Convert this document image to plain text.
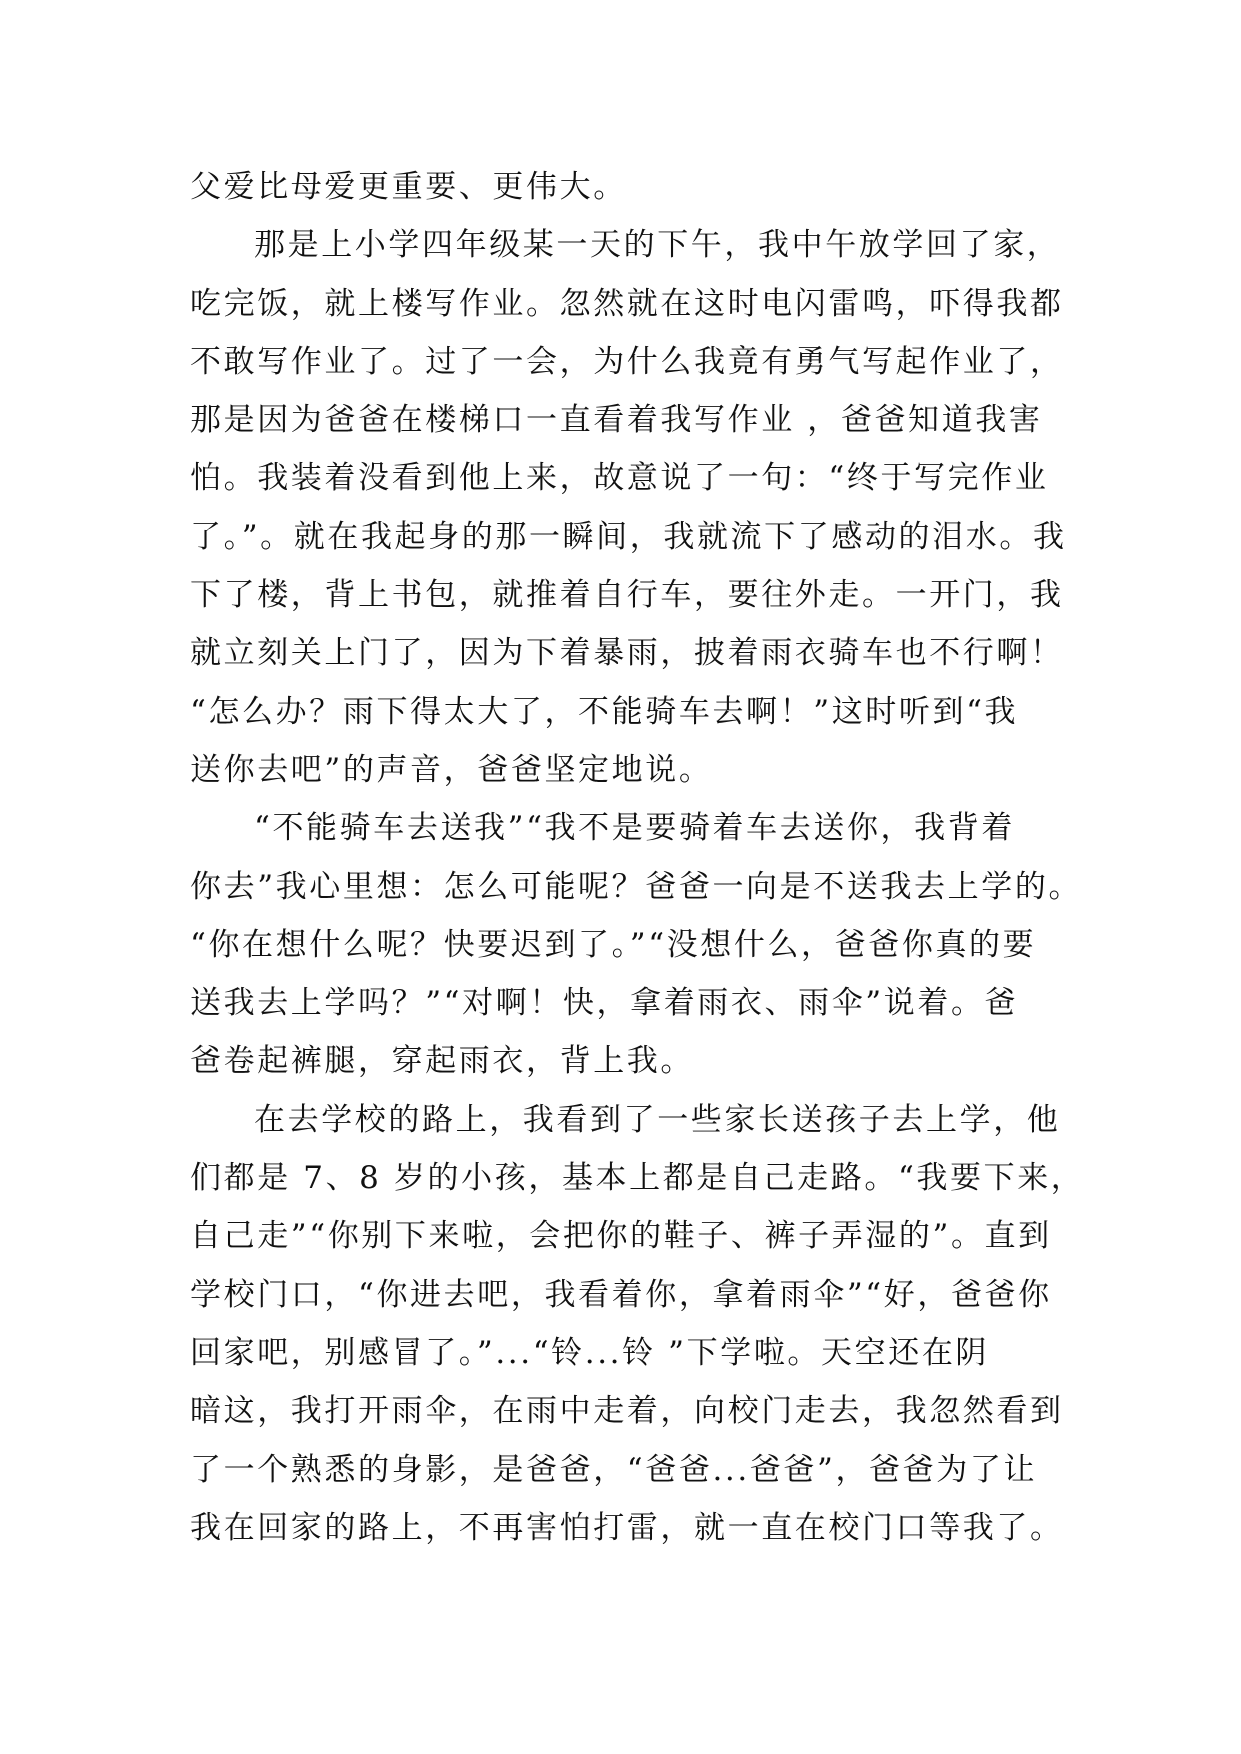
父爱比母爱更重要、更伟大。
那是上小学四年级某一天的下午，我中午放学回了家，
吃完饭，就上楼写作业。忽然就在这时电闪雷鸣，吓得我都
不敢写作业了。过了一会，为什么我竟有勇气写起作业了，
那是因为爸爸在楼梯口一直看着我写作业 ，爸爸知道我害
怕。我装着没看到他上来，故意说了一句：“终于写完作业
了。”。就在我起身的那一瞬间，我就流下了感动的泪水。我
下了楼，背上书包，就推着自行车，要往外走。一开门，我
就立刻关上门了，因为下着暴雨，披着雨衣骑车也不行啊！
“怎么办？雨下得太大了，不能骑车去啊！”这时听到“我
送你去吧”的声音，爸爸坚定地说。
“不能骑车去送我”“我不是要骑着车去送你，我背着
你去”我心里想：怎么可能呢？爸爸一向是不送我去上学的。
“你在想什么呢？快要迟到了。”“没想什么，爸爸你真的要
送我去上学吗？”“对啊！快，拿着雨衣、雨伞”说着。爸
爸卷起裤腿，穿起雨衣，背上我。
在去学校的路上，我看到了一些家长送孩子去上学，他
们都是 7、8 岁的小孩，基本上都是自己走路。“我要下来，
自己走”“你别下来啦，会把你的鞋子、裤子弄湿的”。直到
学校门口，“你进去吧，我看着你，拿着雨伞”“好，爸爸你
回家吧，别感冒了。”...“铃...铃 ”下学啦。天空还在阴
暗这，我打开雨伞，在雨中走着，向校门走去，我忽然看到
了一个熟悉的身影，是爸爸，“爸爸...爸爸”，爸爸为了让
我在回家的路上，不再害怕打雷，就一直在校门口等我了。
